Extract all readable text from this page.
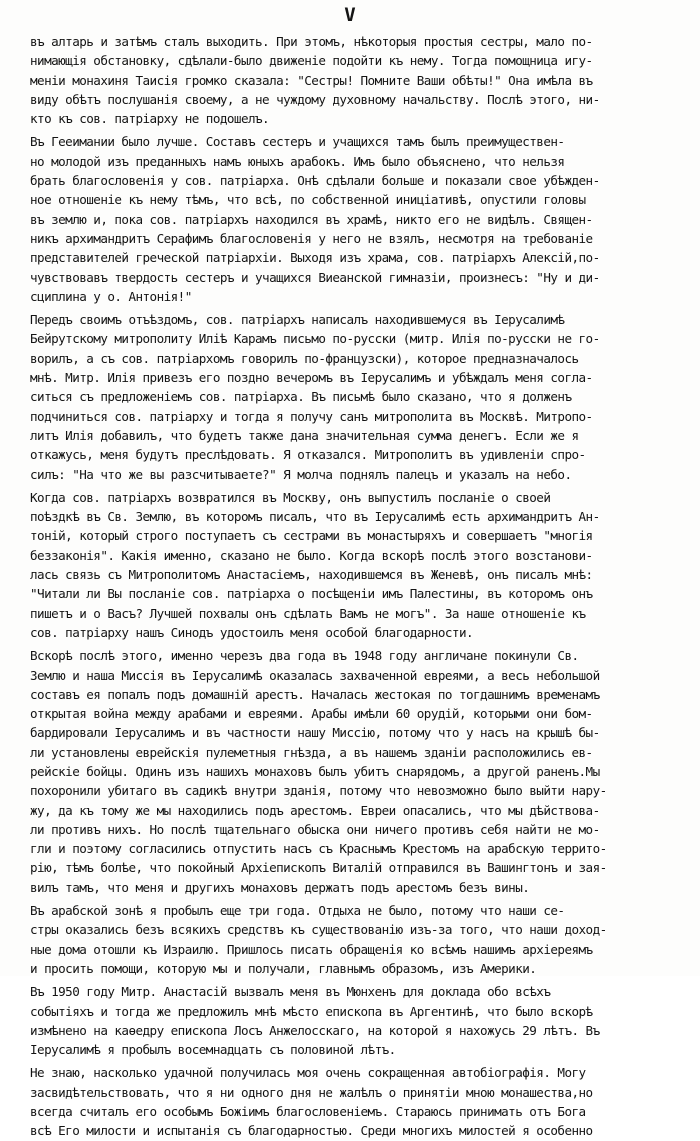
V
въ алтарь и затѣмъ сталъ выходить. При этомъ, нѣкоторыя простыя сестры, мало по-
нимающія обстановку, сдѣлали-было движеніе подойти къ нему. Тогда помощница игу-
меніи монахиня Таисія громко сказала: "Сестры! Помните Ваши обѣты!" Она имѣла въ
виду обѣтъ послушанія своему, а не чуждому духовному начальству. Послѣ этого, ни-
кто къ сов. патріарху не подошелъ.
Въ Гееимании было лучше. Составъ сестеръ и учащихся тамъ былъ преимуществен-
но молодой изъ преданныхъ намъ юныхъ арабокъ. Имъ было объяснено, что нельзя
брать благословенія у сов. патріарха. Онѣ сдѣлали больше и показали свое убѣжден-
ное отношеніе къ нему тѣмъ, что всѣ, по собственной иниціативѣ, опустили головы
въ землю и, пока сов. патріархъ находился въ храмѣ, никто его не видѣлъ. Священ-
никъ архимандритъ Серафимъ благословенія у него не взялъ, несмотря на требованіе
представителей греческой патріархіи. Выходя изъ храма, сов. патріархъ Алексій,по-
чувствовавъ твердость сестеръ и учащихся Виеанской гимназіи, произнесъ: "Ну и ди-
сциплина у о. Антонія!"
Передъ своимъ отъѣздомъ, сов. патріархъ написалъ находившемуся въ Іерусалимѣ
Бейрутскому митрополиту Иліѣ Карамъ письмо по-русски (митр. Илія по-русски не го-
ворилъ, а съ сов. патріархомъ говорилъ по-французски), которое предназначалось
мнѣ. Митр. Илія привезъ его поздно вечеромъ въ Іерусалимъ и убѣждалъ меня согла-
ситься съ предложеніемъ сов. патріарха. Въ письмѣ было сказано, что я долженъ
подчиниться сов. патріарху и тогда я получу санъ митрополита въ Москвѣ. Митропо-
литъ Илія добавилъ, что будетъ также дана значительная сумма денегъ. Если же я
откажусь, меня будутъ преслѣдовать. Я отказался. Митрополитъ въ удивленіи спро-
силъ: "На что же вы разсчитываете?" Я молча поднялъ палецъ и указалъ на небо.
Когда сов. патріархъ возвратился въ Москву, онъ выпустилъ посланіе о своей
поѣздкѣ въ Св. Землю, въ которомъ писалъ, что въ Іерусалимѣ есть архимандритъ Ан-
тоній, который строго поступаетъ съ сестрами въ монастыряхъ и совершаетъ "многія
беззаконія". Какія именно, сказано не было. Когда вскорѣ послѣ этого возстанови-
лась связь съ Митрополитомъ Анастасіемъ, находившемся въ Женевѣ, онъ писалъ мнѣ:
"Читали ли Вы посланіе сов. патріарха о посѣщеніи имъ Палестины, въ которомъ онъ
пишетъ и о Васъ? Лучшей похвалы онъ сдѣлать Вамъ не могъ". За наше отношеніе къ
сов. патріарху нашъ Синодъ удостоилъ меня особой благодарности.
Вскорѣ послѣ этого, именно черезъ два года въ 1948 году англичане покинули Св.
Землю и наша Миссія въ Іерусалимѣ оказалась захваченной евреями, а весь небольшой
составъ ея попалъ подъ домашній арестъ. Началась жестокая по тогдашнимъ временамъ
открытая война между арабами и евреями. Арабы имѣли 60 орудій, которыми они бом-
бардировали Іерусалимъ и въ частности нашу Миссію, потому что у насъ на крышѣ бы-
ли установлены еврейскія пулеметныя гнѣзда, а въ нашемъ зданіи расположились ев-
рейскіе бойцы. Одинъ изъ нашихъ монаховъ былъ убитъ снарядомъ, а другой раненъ.Мы
похоронили убитаго въ садикѣ внутри зданія, потому что невозможно было выйти нару-
жу, да къ тому же мы находились подъ арестомъ. Евреи опасались, что мы дѣйствова-
ли противъ нихъ. Но послѣ тщательнаго обыска они ничего противъ себя найти не мо-
гли и поэтому согласились отпустить насъ съ Краснымъ Крестомъ на арабскую террито-
рію, тѣмъ болѣе, что покойный Архіепископъ Виталій отправился въ Вашингтонъ и зая-
вилъ тамъ, что меня и другихъ монаховъ держатъ подъ арестомъ безъ вины.
Въ арабской зонѣ я пробылъ еще три года. Отдыха не было, потому что наши се-
стры оказались безъ всякихъ средствъ къ существованію изъ-за того, что наши доход-
ные дома отошли къ Израилю. Пришлось писать обращенія ко всѣмъ нашимъ архіереямъ
и просить помощи, которую мы и получали, главнымъ образомъ, изъ Америки.
Въ 1950 году Митр. Анастасій вызвалъ меня въ Мюнхенъ для доклада обо всѣхъ
событіяхъ и тогда же предложилъ мнѣ мѣсто епископа въ Аргентинѣ, что было вскорѣ
измѣнено на каѳедру епископа Лосъ Анжелосскаго, на которой я нахожусь 29 лѣтъ. Въ
Іерусалимѣ я пробылъ восемнадцать съ половиной лѣтъ.
Не знаю, насколько удачной получилась моя очень сокращенная автобіографія. Могу
засвидѣтельствовать, что я ни одного дня не жалѣлъ о принятіи мною монашества,но
всегда считалъ его особымъ Божіимъ благословеніемъ. Стараюсь принимать отъ Бога
всѣ Его милости и испытанія съ благодарностью. Среди многихъ милостей я особенно
